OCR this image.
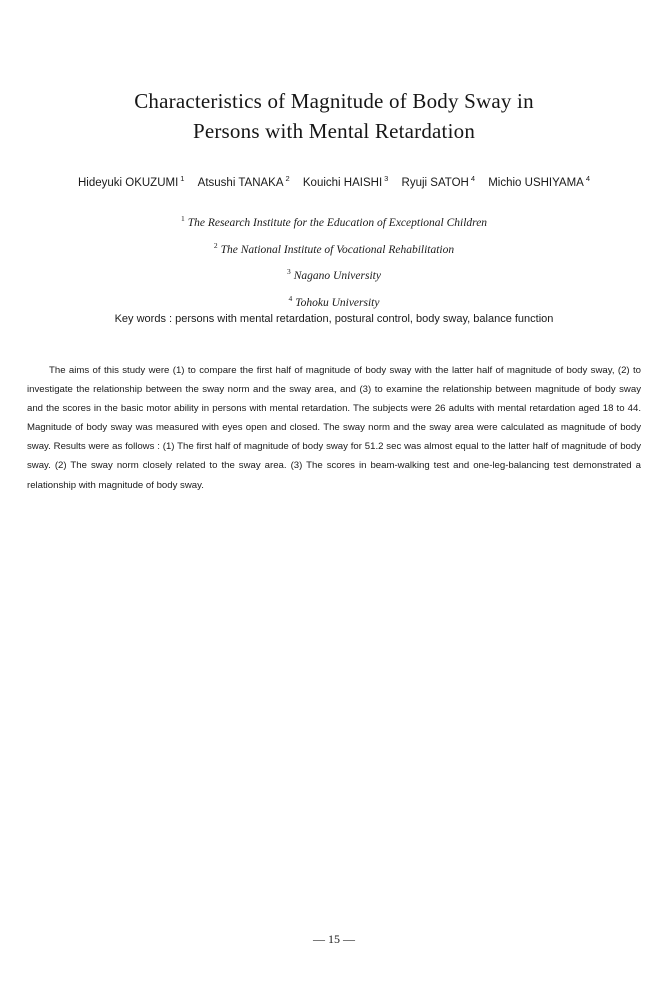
Characteristics of Magnitude of Body Sway in
Persons with Mental Retardation
Hideyuki OKUZUMI $^1$ Atsushi TANAKA $^2$ Kouichi HAISHI $^3$ Ryuji SATOH $^4$ Michio USHIYAMA $^4$
$^1$ The Research Institute for the Education of Exceptional Children
$^2$ The National Institute of Vocational Rehabilitation
$^3$ Nagano University
$^4$ Tohoku University
Key words : persons with mental retardation, postural control, body sway, balance function
The aims of this study were (1) to compare the first half of magnitude of body sway with the latter half of magnitude of body sway, (2) to investigate the relationship between the sway norm and the sway area, and (3) to examine the relationship between magnitude of body sway and the scores in the basic motor ability in persons with mental retardation. The subjects were 26 adults with mental retardation aged 18 to 44. Magnitude of body sway was measured with eyes open and closed. The sway norm and the sway area were calculated as magnitude of body sway. Results were as follows : (1) The first half of magnitude of body sway for 51.2 sec was almost equal to the latter half of magnitude of body sway. (2) The sway norm closely related to the sway area. (3) The scores in beam-walking test and one-leg-balancing test demonstrated a relationship with magnitude of body sway.
— 15 —
